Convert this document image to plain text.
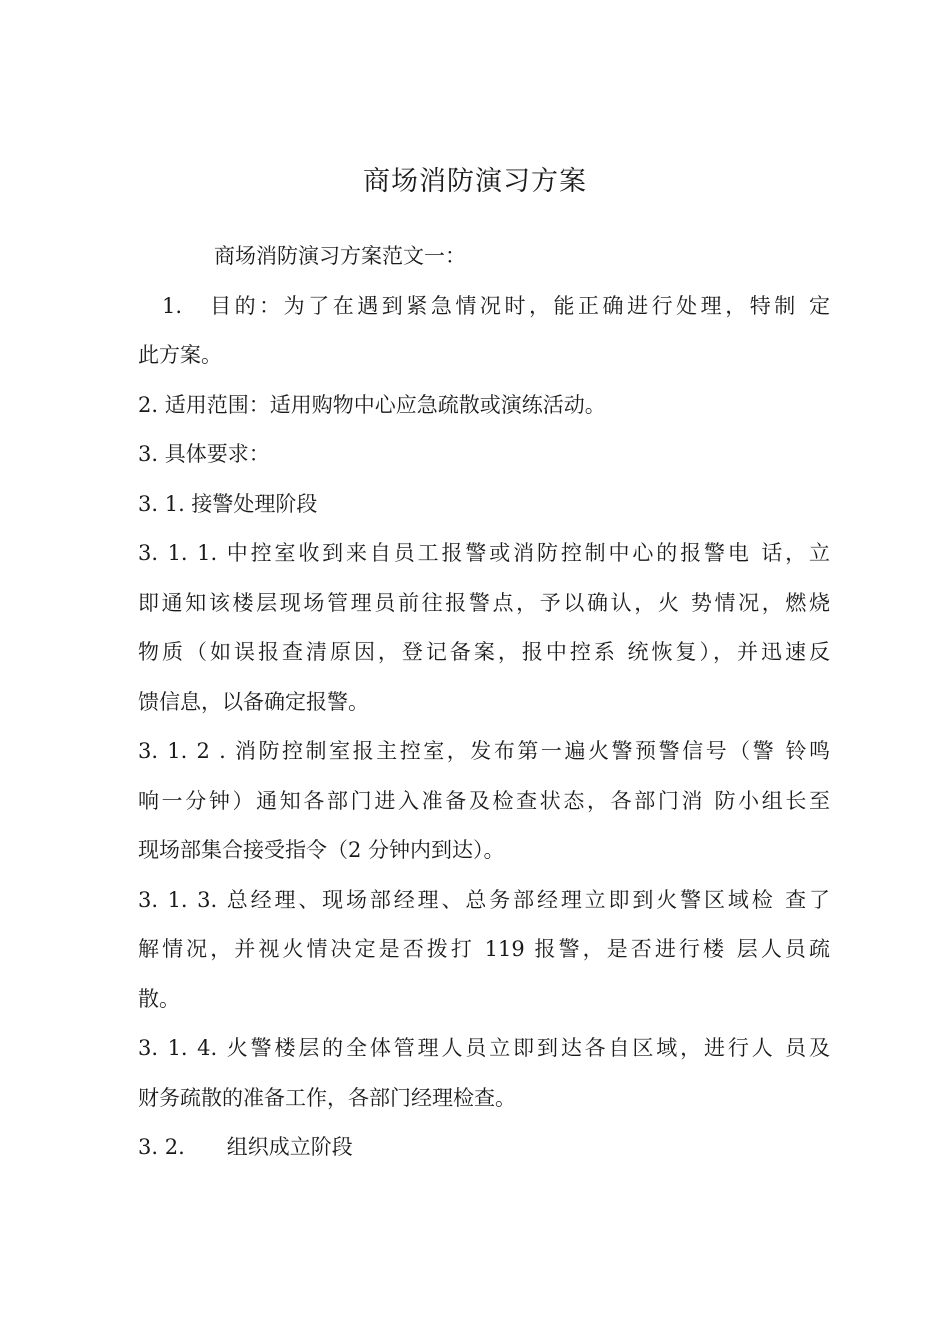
商场消防演习方案

商场消防演习方案范文一：

1.　目的：为了在遇到紧急情况时，能正确进行处理，特制 定
此方案。

2. 适用范围：适用购物中心应急疏散或演练活动。

3. 具体要求：

3. 1. 接警处理阶段

3. 1. 1. 中控室收到来自员工报警或消防控制中心的报警电 话，立
即通知该楼层现场管理员前往报警点，予以确认，火 势情况，燃烧
物质（如误报查清原因，登记备案，报中控系 统恢复），并迅速反
馈信息，以备确定报警。

3. 1. 2 . 消防控制室报主控室，发布第一遍火警预警信号（警 铃鸣
响一分钟）通知各部门进入准备及检查状态，各部门消 防小组长至
现场部集合接受指令（2 分钟内到达）。

3. 1. 3. 总经理、现场部经理、总务部经理立即到火警区域检 查了
解情况，并视火情决定是否拨打 119 报警，是否进行楼 层人员疏
散。

3. 1. 4. 火警楼层的全体管理人员立即到达各自区域，进行人 员及
财务疏散的准备工作，各部门经理检查。

3. 2.　　组织成立阶段
